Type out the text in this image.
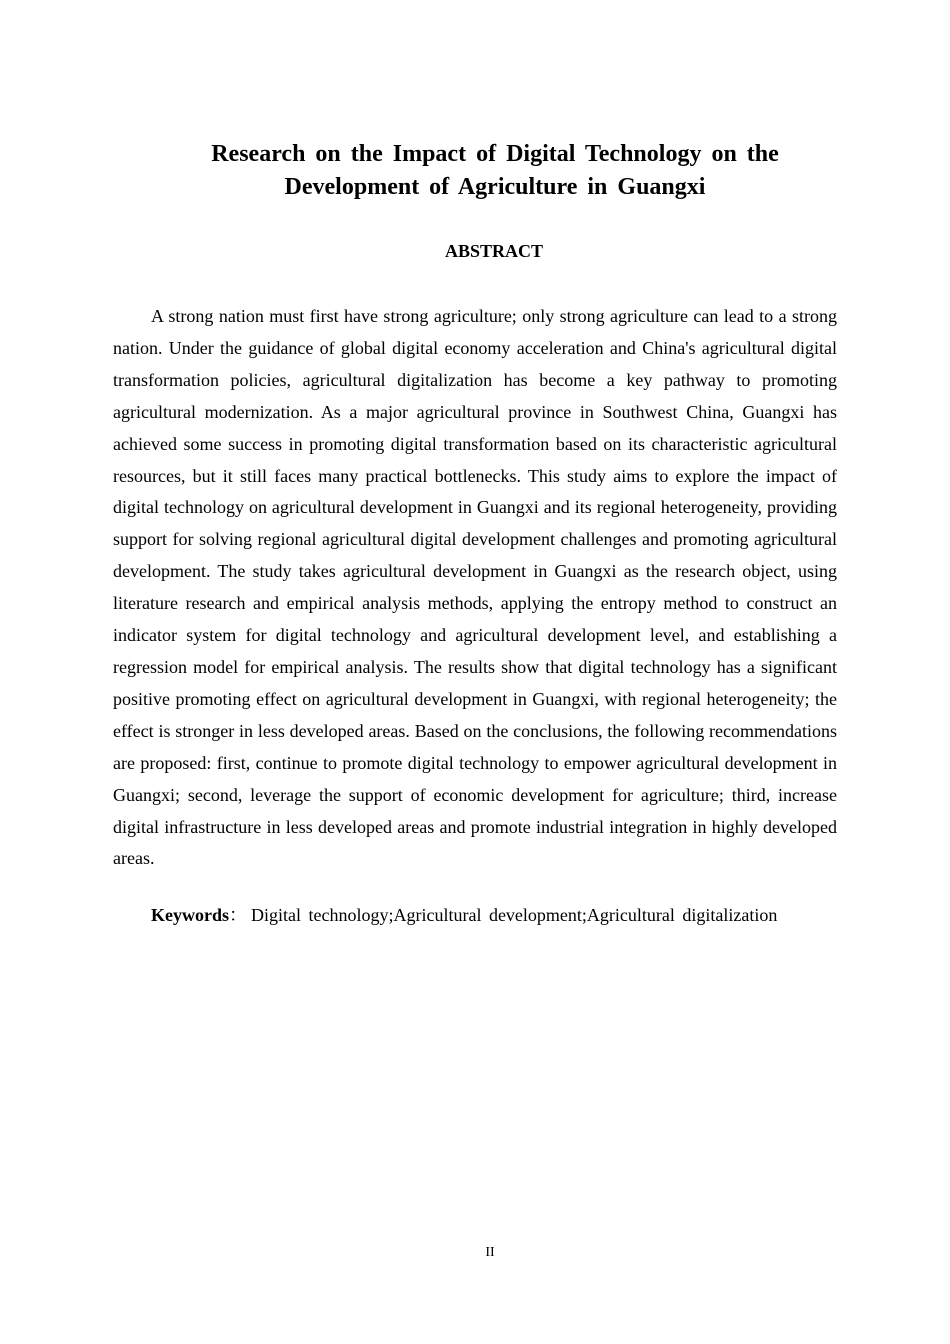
Research on the Impact of Digital Technology on the
Development of Agriculture in Guangxi
ABSTRACT

A strong nation must first have strong agriculture; only strong agriculture can lead to a strong nation. Under the guidance of global digital economy acceleration and China's agricultural digital transformation policies, agricultural digitalization has become a key pathway to promoting agricultural modernization. As a major agricultural province in Southwest China, Guangxi has achieved some success in promoting digital transformation based on its characteristic agricultural resources, but it still faces many practical bottlenecks. This study aims to explore the impact of digital technology on agricultural development in Guangxi and its regional heterogeneity, providing support for solving regional agricultural digital development challenges and promoting agricultural development. The study takes agricultural development in Guangxi as the research object, using literature research and empirical analysis methods, applying the entropy method to construct an indicator system for digital technology and agricultural development level, and establishing a regression model for empirical analysis. The results show that digital technology has a significant positive promoting effect on agricultural development in Guangxi, with regional heterogeneity; the effect is stronger in less developed areas. Based on the conclusions, the following recommendations are proposed: first, continue to promote digital technology to empower agricultural development in Guangxi; second, leverage the support of economic development for agriculture; third, increase digital infrastructure in less developed areas and promote industrial integration in highly developed areas.

Keywords： Digital technology;Agricultural development;Agricultural digitalization

II
